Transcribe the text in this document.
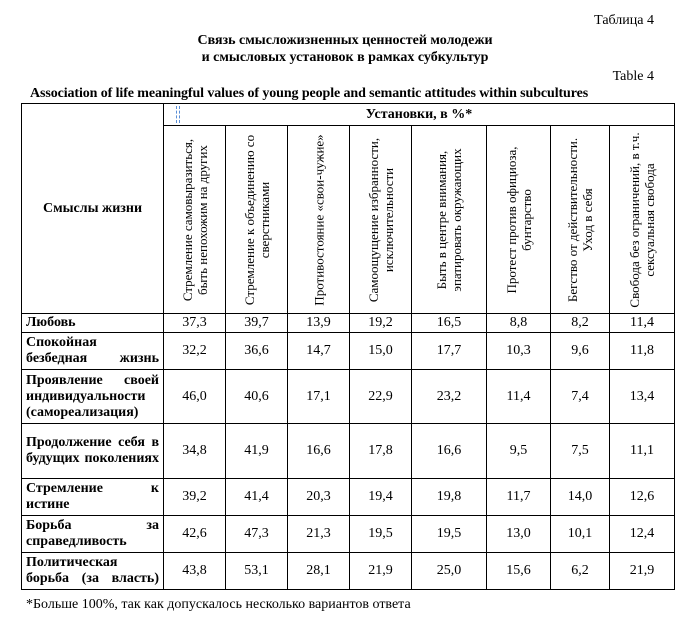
Таблица 4
Связь смысложизненных ценностей молодежи
и смысловых установок в рамках субкультур
Table 4
Association of life meaningful values of young people and semantic attitudes within subcultures
Смыслы жизни	Установки, в %*							

	Стремление самовыразиться, быть непохожим на других	Стремление к объединению со сверстниками	Противостояние «свои-чужие»	Самоощущение избранности, исключительности	Быть в центре внимания, эпатировать окружающих	Протест против официоза, бунтарство	Бегство от действительности. Уход в себя	Свобода без ограничений, в т.ч. сексуальная свобода

Любовь	37,3	39,7	13,9	19,2	16,5	8,8	8,2	11,4
Спокойная безбедная жизнь	32,2	36,6	14,7	15,0	17,7	10,3	9,6	11,8
Проявление своей индивидуальности (самореализация)	46,0	40,6	17,1	22,9	23,2	11,4	7,4	13,4
Продолжение себя в будущих поколениях	34,8	41,9	16,6	17,8	16,6	9,5	7,5	11,1
Стремление к истине	39,2	41,4	20,3	19,4	19,8	11,7	14,0	12,6
Борьба за справедливость	42,6	47,3	21,3	19,5	19,5	13,0	10,1	12,4
Политическая борьба (за власть)	43,8	53,1	28,1	21,9	25,0	15,6	6,2	21,9
*Больше 100%, так как допускалось несколько вариантов ответа
